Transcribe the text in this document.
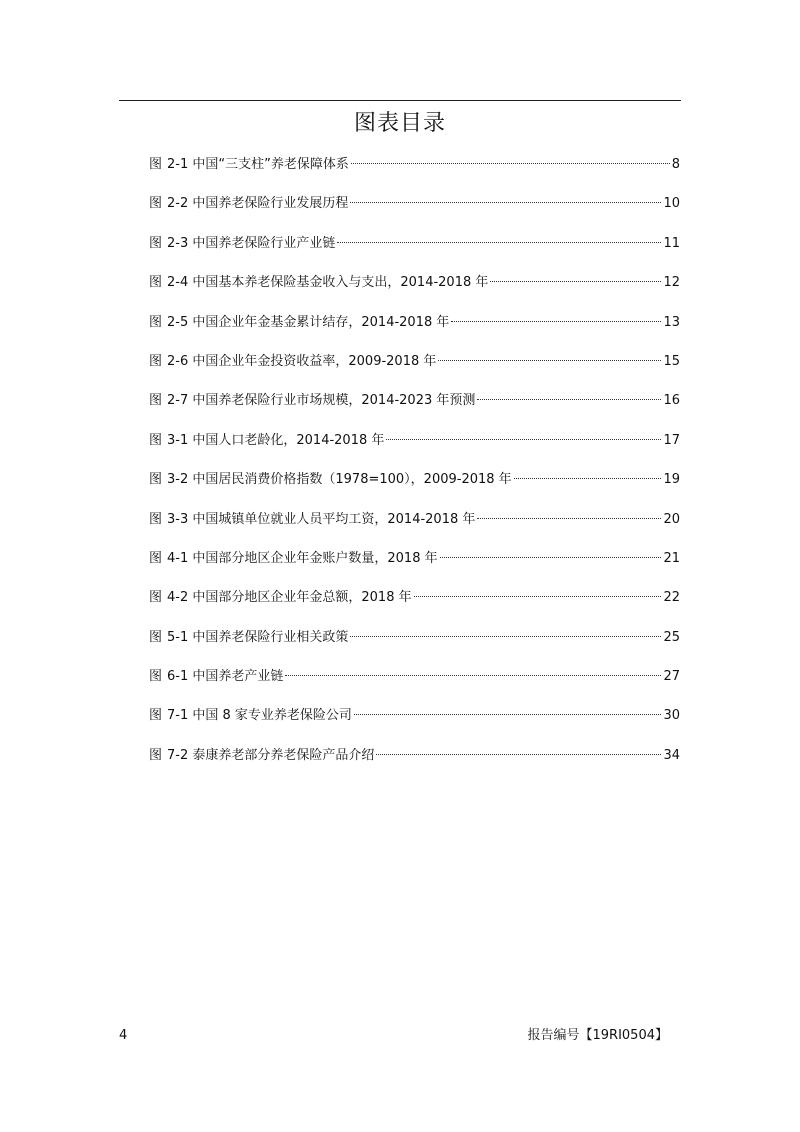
图表目录
图 2-1 中国“三支柱”养老保障体系	8
图 2-2 中国养老保险行业发展历程	10
图 2-3 中国养老保险行业产业链	11
图 2-4 中国基本养老保险基金收入与支出，2014-2018 年	12
图 2-5 中国企业年金基金累计结存，2014-2018 年	13
图 2-6 中国企业年金投资收益率，2009-2018 年	15
图 2-7 中国养老保险行业市场规模，2014-2023 年预测	16
图 3-1 中国人口老龄化，2014-2018 年	17
图 3-2 中国居民消费价格指数（1978=100），2009-2018 年	19
图 3-3 中国城镇单位就业人员平均工资，2014-2018 年	20
图 4-1 中国部分地区企业年金账户数量，2018 年	21
图 4-2 中国部分地区企业年金总额，2018 年	22
图 5-1 中国养老保险行业相关政策	25
图 6-1 中国养老产业链	27
图 7-1 中国 8 家专业养老保险公司	30
图 7-2 泰康养老部分养老保险产品介绍	34
4	报告编号【19RI0504】
